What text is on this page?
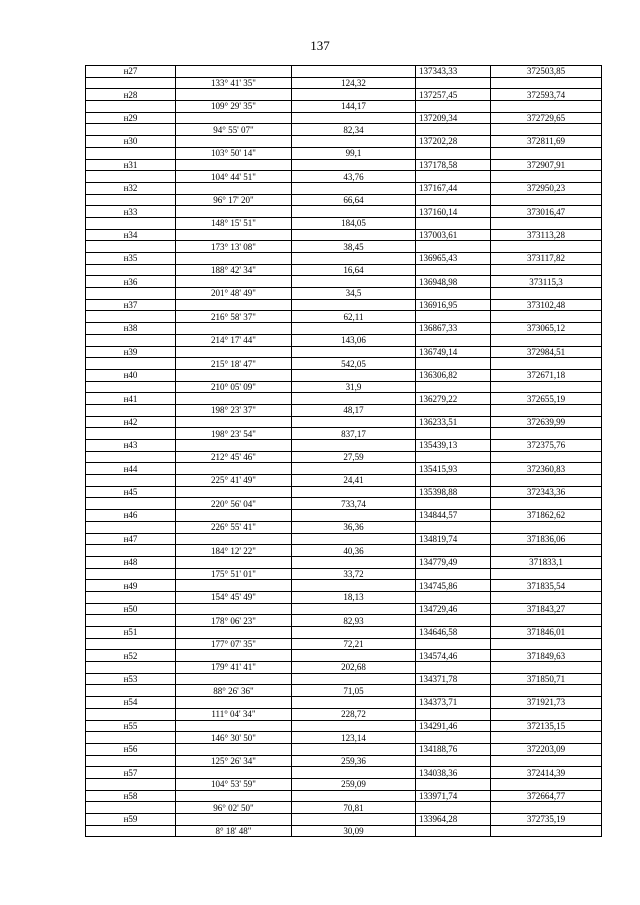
137
н27			137343,33	372503,85
	133° 41' 35"	124,32		
н28			137257,45	372593,74
	109° 29' 35"	144,17		
н29			137209,34	372729,65
	94° 55' 07"	82,34		
н30			137202,28	372811,69
	103° 50' 14"	99,1		
н31			137178,58	372907,91
	104° 44' 51"	43,76		
н32			137167,44	372950,23
	96° 17' 20"	66,64		
н33			137160,14	373016,47
	148° 15' 51"	184,05		
н34			137003,61	373113,28
	173° 13' 08"	38,45		
н35			136965,43	373117,82
	188° 42' 34"	16,64		
н36			136948,98	373115,3
	201° 48' 49"	34,5		
н37			136916,95	373102,48
	216° 58' 37"	62,11		
н38			136867,33	373065,12
	214° 17' 44"	143,06		
н39			136749,14	372984,51
	215° 18' 47"	542,05		
н40			136306,82	372671,18
	210° 05' 09"	31,9		
н41			136279,22	372655,19
	198° 23' 37"	48,17		
н42			136233,51	372639,99
	198° 23' 54"	837,17		
н43			135439,13	372375,76
	212° 45' 46"	27,59		
н44			135415,93	372360,83
	225° 41' 49"	24,41		
н45			135398,88	372343,36
	220° 56' 04"	733,74		
н46			134844,57	371862,62
	226° 55' 41"	36,36		
н47			134819,74	371836,06
	184° 12' 22"	40,36		
н48			134779,49	371833,1
	175° 51' 01"	33,72		
н49			134745,86	371835,54
	154° 45' 49"	18,13		
н50			134729,46	371843,27
	178° 06' 23"	82,93		
н51			134646,58	371846,01
	177° 07' 35"	72,21		
н52			134574,46	371849,63
	179° 41' 41"	202,68		
н53			134371,78	371850,71
	88° 26' 36"	71,05		
н54			134373,71	371921,73
	111° 04' 34"	228,72		
н55			134291,46	372135,15
	146° 30' 50"	123,14		
н56			134188,76	372203,09
	125° 26' 34"	259,36		
н57			134038,36	372414,39
	104° 53' 59"	259,09		
н58			133971,74	372664,77
	96° 02' 50"	70,81		
н59			133964,28	372735,19
	8° 18' 48"	30,09		
